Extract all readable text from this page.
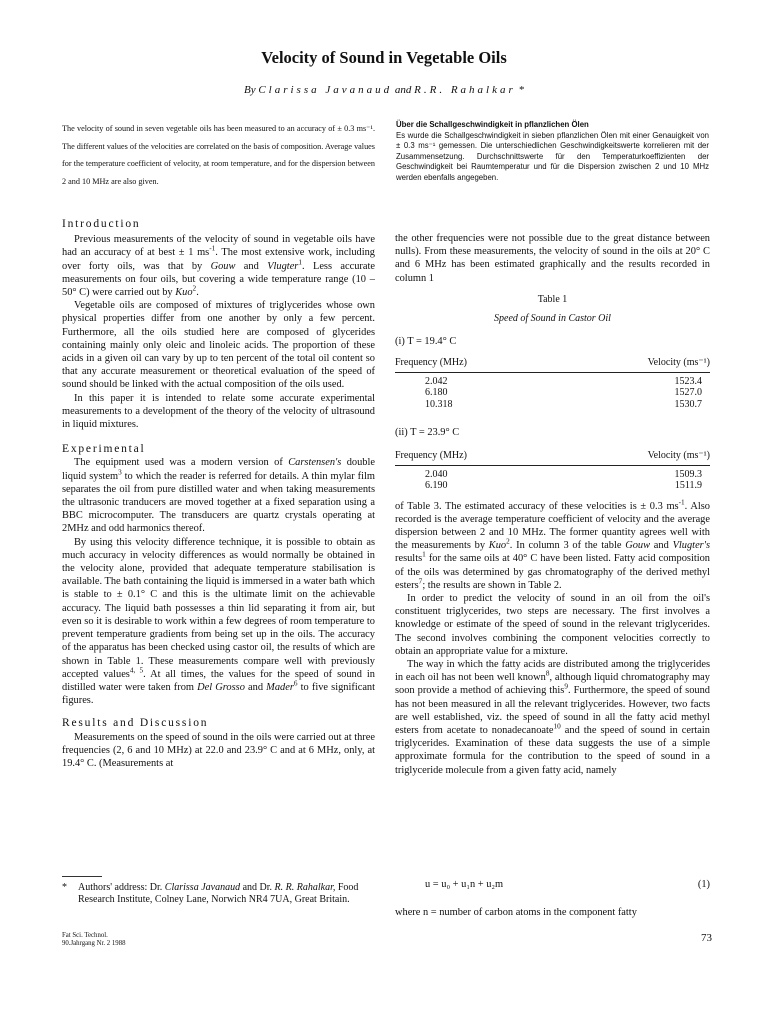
Velocity of Sound in Vegetable Oils
By Clarissa Javanaud and R.R. Rahalkar *
The velocity of sound in seven vegetable oils has been measured to an accuracy of ± 0.3 ms⁻¹. The different values of the velocities are correlated on the basis of composition. Average values for the temperature coefficient of velocity, at room temperature, and for the dispersion between 2 and 10 MHz are also given.
Über die Schallgeschwindigkeit in pflanzlichen Ölen
Es wurde die Schallgeschwindigkeit in sieben pflanzlichen Ölen mit einer Genauigkeit von ± 0.3 ms⁻¹ gemessen. Die unterschiedlichen Geschwindigkeitswerte korrelieren mit der Zusammensetzung. Durchschnittswerte für den Temperaturkoeffizienten der Geschwindigkeit bei Raumtemperatur und für die Dispersion zwischen 2 und 10 MHz werden ebenfalls angegeben.
Introduction

Previous measurements of the velocity of sound in vegetable oils have had an accuracy of at best ± 1 $ms^{-1}$. The most extensive work, including over forty oils, was that by Gouw and Vlugter$^1$. Less accurate measurements on four oils, but covering a wide temperature range (10 – 50° C) were carried out by Kuo$^2$.

Vegetable oils are composed of mixtures of triglycerides whose own physical properties differ from one another by only a few percent. Furthermore, all the oils studied here are composed of glycerides containing mainly only oleic and linoleic acids. The proportion of these acids in a given oil can vary by up to ten percent of the total oil content so that any accurate measurement or theoretical evaluation of the speed of sound should be linked with the actual composition of the oils used.

In this paper it is intended to relate some accurate experimental measurements to a development of the theory of the velocity of ultrasound in liquid mixtures.

Experimental

The equipment used was a modern version of Carstensen's double liquid system$^3$ to which the reader is referred for details. A thin mylar film separates the oil from pure distilled water and when taking measurements the ultrasonic tranducers are moved together at a fixed separation using a BBC microcomputer. The transducers are quartz crystals operating at 2MHz and odd harmonics thereof.

By using this velocity difference technique, it is possible to obtain as much accuracy in velocity differences as would normally be obtained in the velocity alone, provided that adequate temperature stabilisation is available. The bath containing the liquid is immersed in a water bath which is stable to ± 0.1° C and this is the ultimate limit on the achievable accuracy. The liquid bath possesses a thin lid separating it from air, but even so it is desirable to work within a few degrees of room temperature to prevent temperature gradients from being set up in the oils. The accuracy of the apparatus has been checked using castor oil, the results of which are shown in Table 1. These measurements compare well with previously accepted values$^{4, 5}$. At all times, the values for the speed of sound in distilled water were taken from Del Grosso and Mader$^6$ to five significant figures.

Results and Discussion

Measurements on the speed of sound in the oils were carried out at three frequencies (2, 6 and 10 MHz) at 22.0 and 23.9° C and at 6 MHz, only, at 19.4° C. (Measurements at

* Authors' address: Dr. Clarissa Javanaud and Dr. R. R. Rahalkar, Food Research Institute, Colney Lane, Norwich NR4 7UA, Great Britain.
Fat Sci. Technol.
90.Jahrgang Nr. 2 1988	73

the other frequencies were not possible due to the great distance between nulls). From these measurements, the velocity of sound in the oils at 20° C and 6 MHz has been estimated graphically and the results recorded in column 1

Table 1
Speed of Sound in Castor Oil
(i) T = 19.4° C
Frequency (MHz)	Velocity (ms⁻¹)
2.042	1523.4
6.180	1527.0
10.318	1530.7
(ii) T = 23.9° C
Frequency (MHz)	Velocity (ms⁻¹)
2.040	1509.3
6.190	1511.9

of Table 3. The estimated accuracy of these velocities is ± 0.3 $ms^{-1}$. Also recorded is the average temperature coefficient of velocity and the average dispersion between 2 and 10 MHz. The former quantity agrees well with the measurements by Kuo$^2$. In column 3 of the table Gouw and Vlugter's results$^1$ for the same oils at 40° C have been listed. Fatty acid composition of the oils was determined by gas chromatography of the derived methyl esters$^7$; the results are shown in Table 2.

In order to predict the velocity of sound in an oil from the oil's constituent triglycerides, two steps are necessary. The first involves a knowledge or estimate of the speed of sound in the relevant triglycerides. The second involves combining the component velocities correctly to obtain an appropriate value for a mixture.

The way in which the fatty acids are distributed among the triglycerides in each oil has not been well known$^8$, although liquid chromatography may soon provide a method of achieving this$^9$. Furthermore, the speed of sound has not been measured in all the relevant triglycerides. However, two facts are well established, viz. the speed of sound in all the fatty acid methyl esters from acetate to nonadecanoate$^{10}$ and the speed of sound in certain triglycerides. Examination of these data suggests the use of a simple approximate formula for the contribution to the speed of sound in a triglyceride molecule from a given fatty acid, namely

u = u₀ + u₁n + u₂m	(1)

where n = number of carbon atoms in the component fatty
